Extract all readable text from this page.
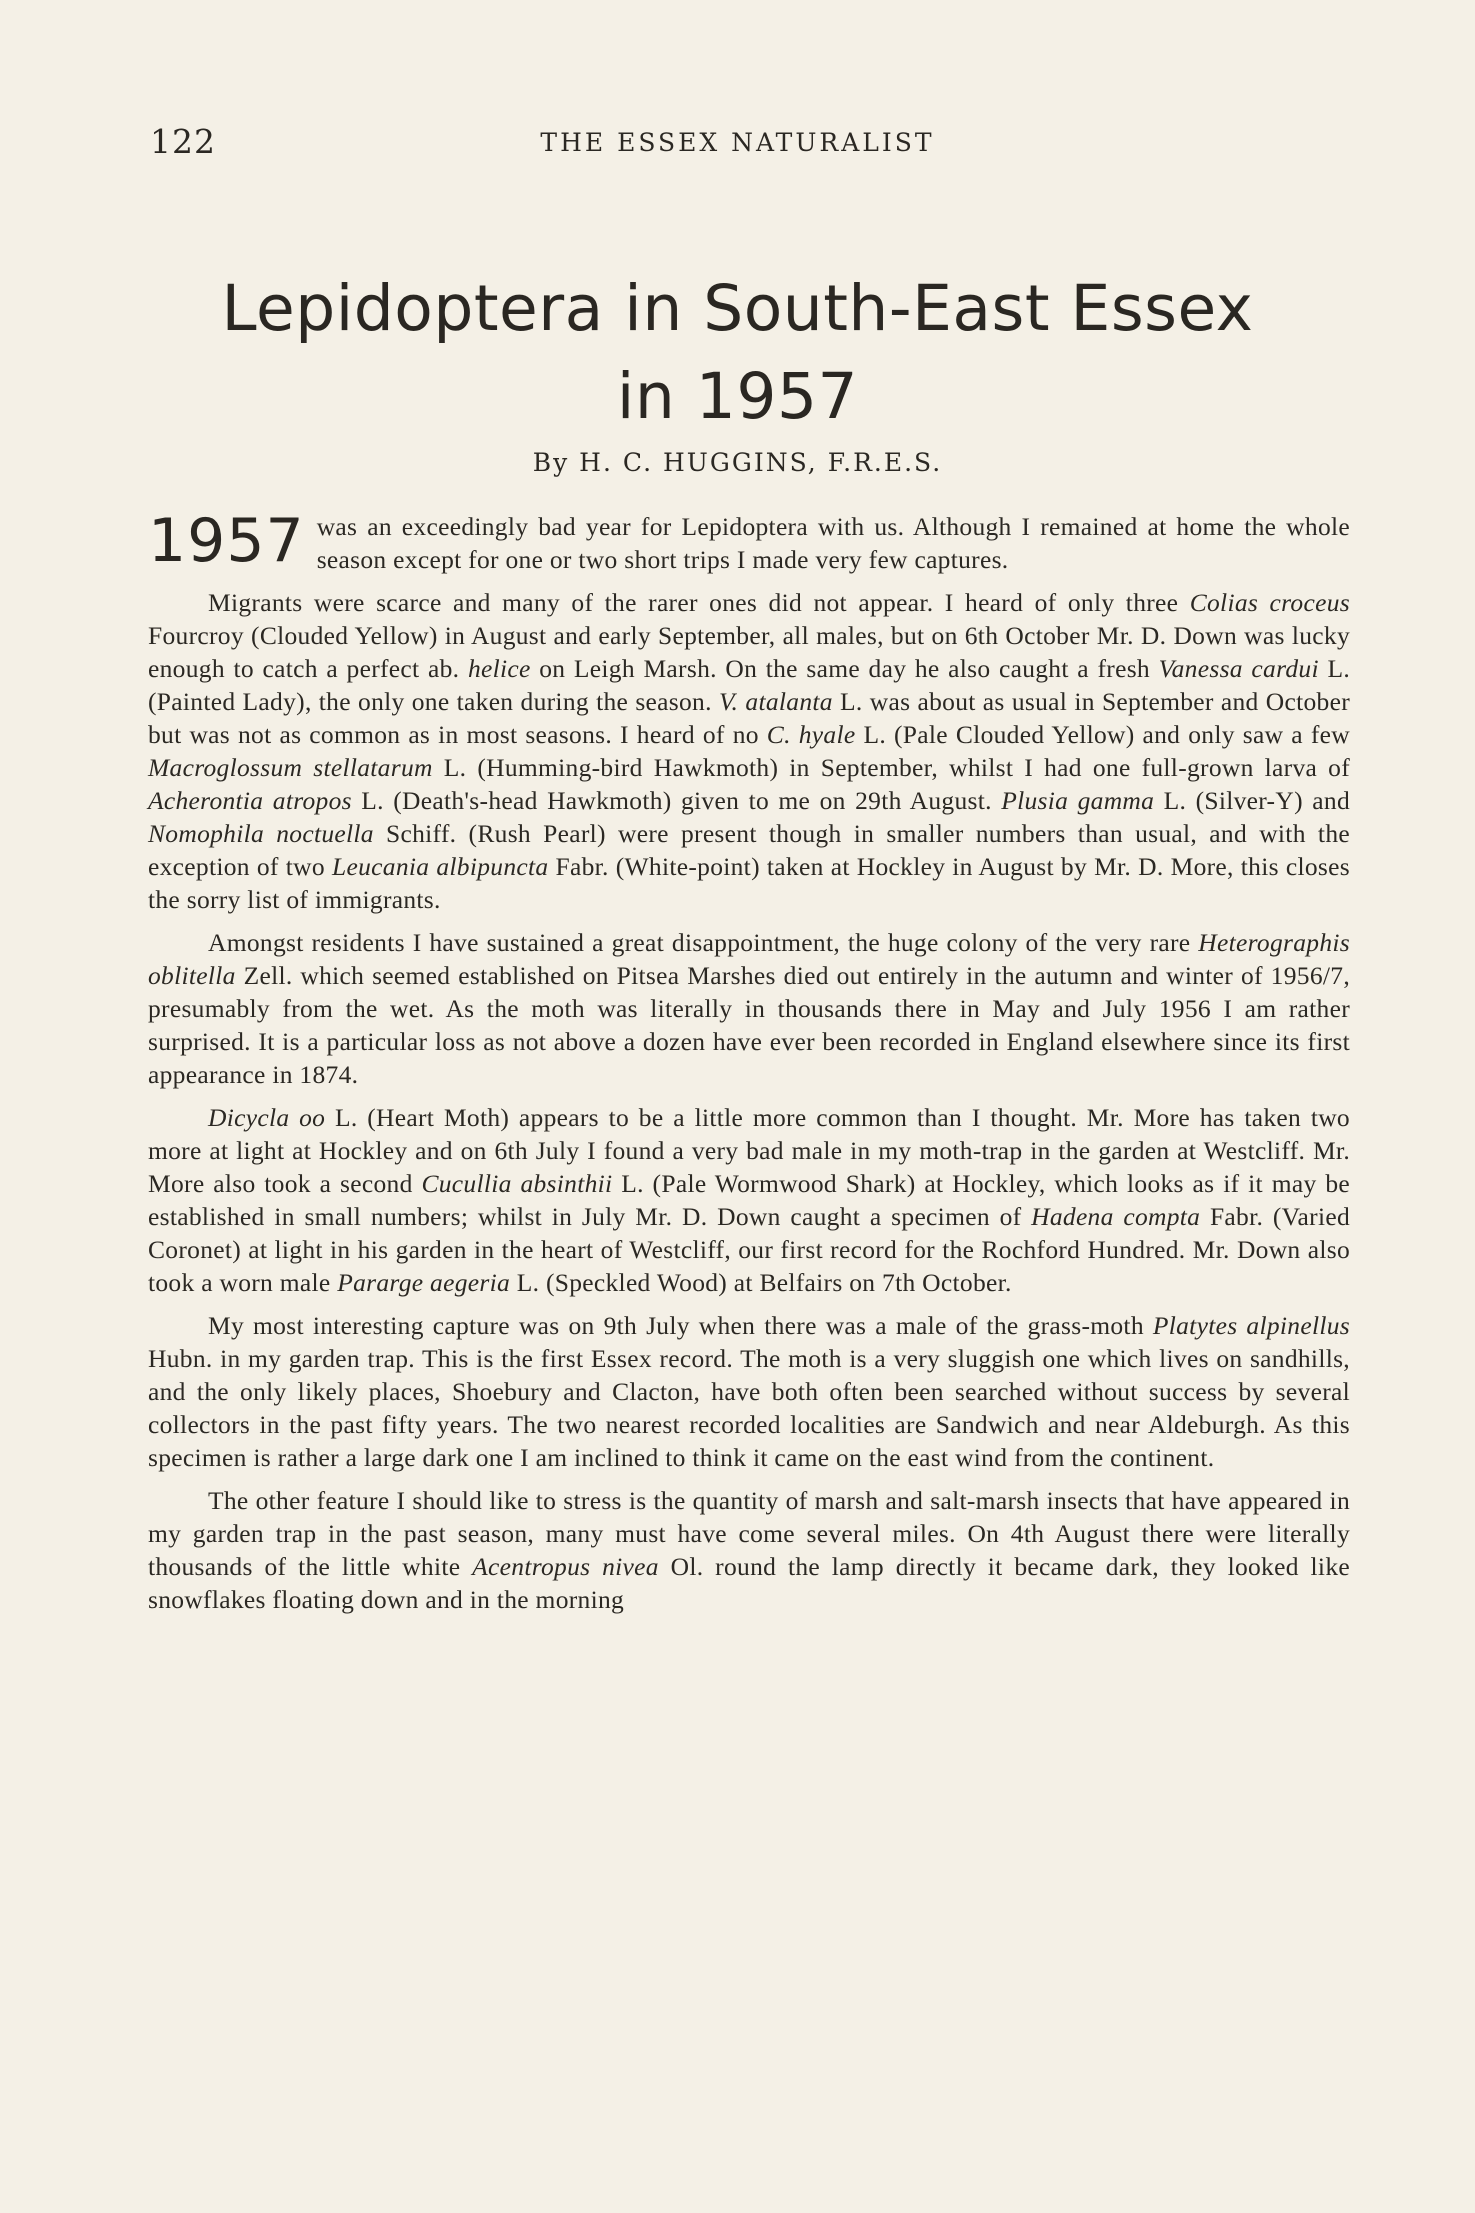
122	THE ESSEX NATURALIST
Lepidoptera in South-East Essex
in 1957
By H. C. HUGGINS, F.R.E.S.

1957 was an exceedingly bad year for Lepidoptera with us. Although I remained at home the whole season except for one or two short trips I made very few captures.

Migrants were scarce and many of the rarer ones did not appear. I heard of only three Colias croceus Fourcroy (Clouded Yellow) in August and early September, all males, but on 6th October Mr. D. Down was lucky enough to catch a perfect ab. helice on Leigh Marsh. On the same day he also caught a fresh Vanessa cardui L. (Painted Lady), the only one taken during the season. V. atalanta L. was about as usual in September and October but was not as common as in most seasons. I heard of no C. hyale L. (Pale Clouded Yellow) and only saw a few Macroglossum stellatarum L. (Humming-bird Hawkmoth) in September, whilst I had one full-grown larva of Acherontia atropos L. (Death's-head Hawkmoth) given to me on 29th August. Plusia gamma L. (Silver-Y) and Nomophila noctuella Schiff. (Rush Pearl) were present though in smaller numbers than usual, and with the exception of two Leucania albipuncta Fabr. (White-point) taken at Hockley in August by Mr. D. More, this closes the sorry list of immigrants.

Amongst residents I have sustained a great disappointment, the huge colony of the very rare Heterographis oblitella Zell. which seemed established on Pitsea Marshes died out entirely in the autumn and winter of 1956/7, presumably from the wet. As the moth was literally in thousands there in May and July 1956 I am rather surprised. It is a particular loss as not above a dozen have ever been recorded in England elsewhere since its first appearance in 1874.

Dicycla oo L. (Heart Moth) appears to be a little more common than I thought. Mr. More has taken two more at light at Hockley and on 6th July I found a very bad male in my moth-trap in the garden at Westcliff. Mr. More also took a second Cucullia absinthii L. (Pale Wormwood Shark) at Hockley, which looks as if it may be established in small numbers; whilst in July Mr. D. Down caught a specimen of Hadena compta Fabr. (Varied Coronet) at light in his garden in the heart of Westcliff, our first record for the Rochford Hundred. Mr. Down also took a worn male Pararge aegeria L. (Speckled Wood) at Belfairs on 7th October.

My most interesting capture was on 9th July when there was a male of the grass-moth Platytes alpinellus Hubn. in my garden trap. This is the first Essex record. The moth is a very sluggish one which lives on sandhills, and the only likely places, Shoebury and Clacton, have both often been searched without success by several collectors in the past fifty years. The two nearest recorded localities are Sandwich and near Aldeburgh. As this specimen is rather a large dark one I am inclined to think it came on the east wind from the continent.

The other feature I should like to stress is the quantity of marsh and salt-marsh insects that have appeared in my garden trap in the past season, many must have come several miles. On 4th August there were literally thousands of the little white Acentropus nivea Ol. round the lamp directly it became dark, they looked like snowflakes floating down and in the morning
